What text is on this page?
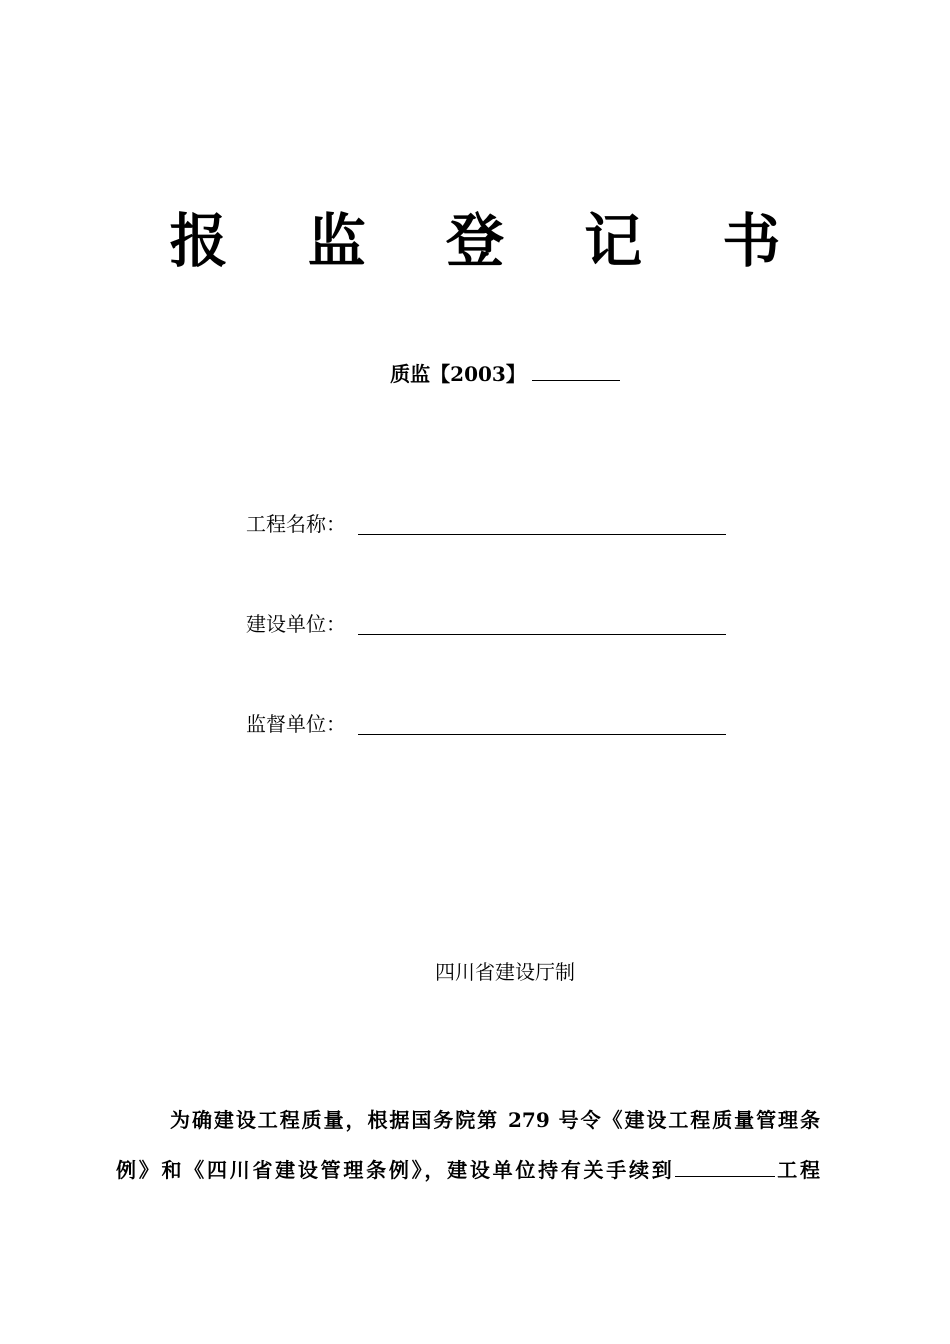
报 监 登 记 书
质监【2003】
工程名称：
建设单位：
监督单位：
四川省建设厅制
为确建设工程质量，根据国务院第 279 号令《建设工程质量管理条
例》和《四川省建设管理条例》，建设单位持有关手续到	工程
